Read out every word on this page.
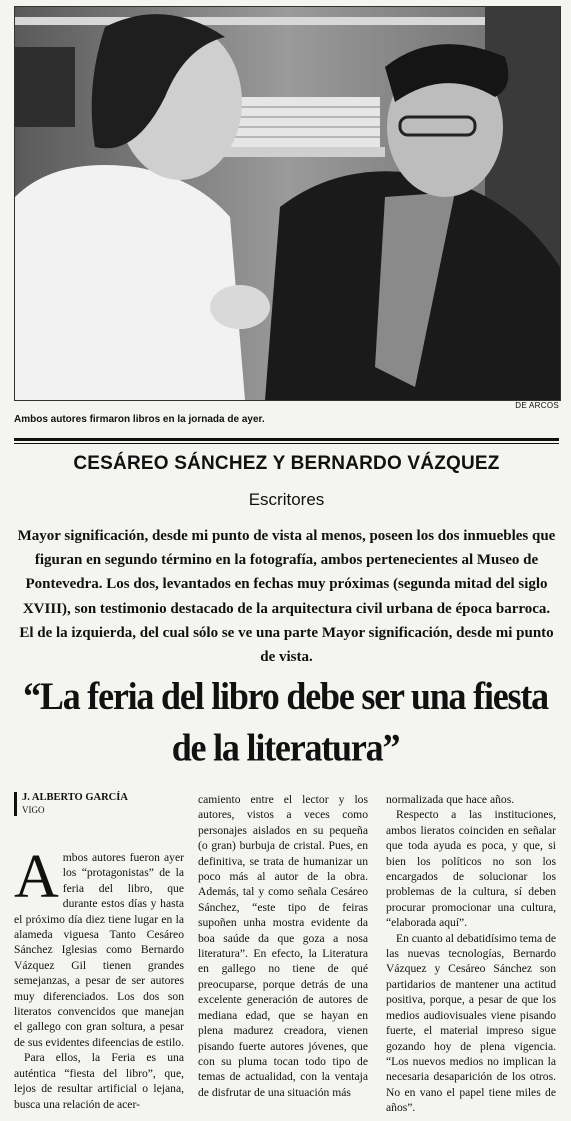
DE ARCOS
Ambos autores firmaron libros en la jornada de ayer.
CESÁREO SÁNCHEZ Y BERNARDO VÁZQUEZ
Escritores
Mayor significación, desde mi punto de vista al menos, poseen los dos inmuebles que figuran en segundo término en la fotografía, ambos pertenecientes al Museo de Pontevedra. Los dos, levantados en fechas muy próximas (segunda mitad del siglo XVIII), son testimonio destacado de la arquitectura civil urbana de época barroca. El de la izquierda, del cual sólo se ve una parte Mayor significación, desde mi punto de vista.
“La feria del libro debe ser una fiesta de la literatura”
J. ALBERTO GARCÍA
VIGO

Ambos autores fueron ayer los “protagonistas” de la feria del libro, que durante estos días y hasta el próximo día diez tiene lugar en la alameda viguesa Tanto Cesáreo Sánchez Iglesias como Bernardo Vázquez Gil tienen grandes semejanzas, a pesar de ser autores muy diferenciados. Los dos son literatos convencidos que manejan el gallego con gran soltura, a pesar de sus evidentes difeencias de estilo.

Para ellos, la Feria es una auténtica “fiesta del libro”, que, lejos de resultar artificial o lejana, busca una relación de acer-

camiento entre el lector y los autores, vistos a veces como personajes aislados en su pequeña (o gran) burbuja de cristal. Pues, en definitiva, se trata de humanizar un poco más al autor de la obra. Además, tal y como señala Cesáreo Sánchez, “este tipo de feiras supoñen unha mostra evidente da boa saúde da que goza a nosa literatura”. En efecto, la Literatura en gallego no tiene de qué preocuparse, porque detrás de una excelente generación de autores de mediana edad, que se hayan en plena madurez creadora, vienen pisando fuerte autores jóvenes, que con su pluma tocan todo tipo de temas de actualidad, con la ventaja de disfrutar de una situación más

normalizada que hace años.

Respecto a las instituciones, ambos lieratos coinciden en señalar que toda ayuda es poca, y que, si bien los políticos no son los encargados de solucionar los problemas de la cultura, sí deben procurar promocionar una cultura, “elaborada aquí”.

En cuanto al debatidísimo tema de las nuevas tecnologías, Bernardo Vázquez y Cesáreo Sánchez son partidarios de mantener una actitud positiva, porque, a pesar de que los medios audiovisuales viene pisando fuerte, el material impreso sigue gozando hoy de plena vigencia. “Los nuevos medios no implican la necesaria desaparición de los otros. No en vano el papel tiene miles de años”.
